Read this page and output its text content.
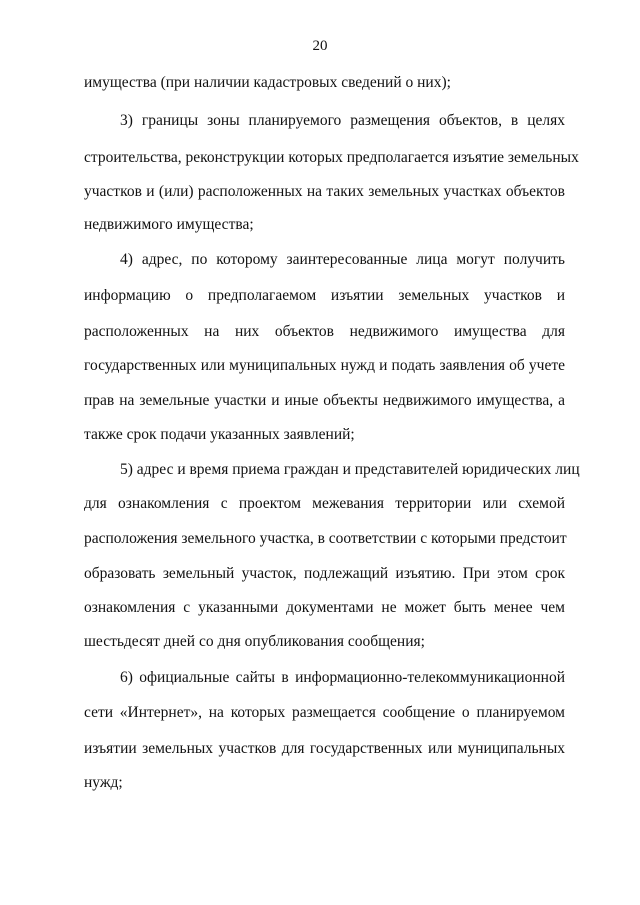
20
имущества (при наличии кадастровых сведений о них);
3) границы зоны планируемого размещения объектов, в целях
строительства, реконструкции которых предполагается изъятие земельных
участков и (или) расположенных на таких земельных участках объектов
недвижимого имущества;
4) адрес, по которому заинтересованные лица могут получить
информацию о предполагаемом изъятии земельных участков и
расположенных на них объектов недвижимого имущества для
государственных или муниципальных нужд и подать заявления об учете
прав на земельные участки и иные объекты недвижимого имущества, а
также срок подачи указанных заявлений;
5) адрес и время приема граждан и представителей юридических лиц
для ознакомления с проектом межевания территории или схемой
расположения земельного участка, в соответствии с которыми предстоит
образовать земельный участок, подлежащий изъятию. При этом срок
ознакомления с указанными документами не может быть менее чем
шестьдесят дней со дня опубликования сообщения;
6) официальные сайты в информационно-телекоммуникационной
сети «Интернет», на которых размещается сообщение о планируемом
изъятии земельных участков для государственных или муниципальных
нужд;
